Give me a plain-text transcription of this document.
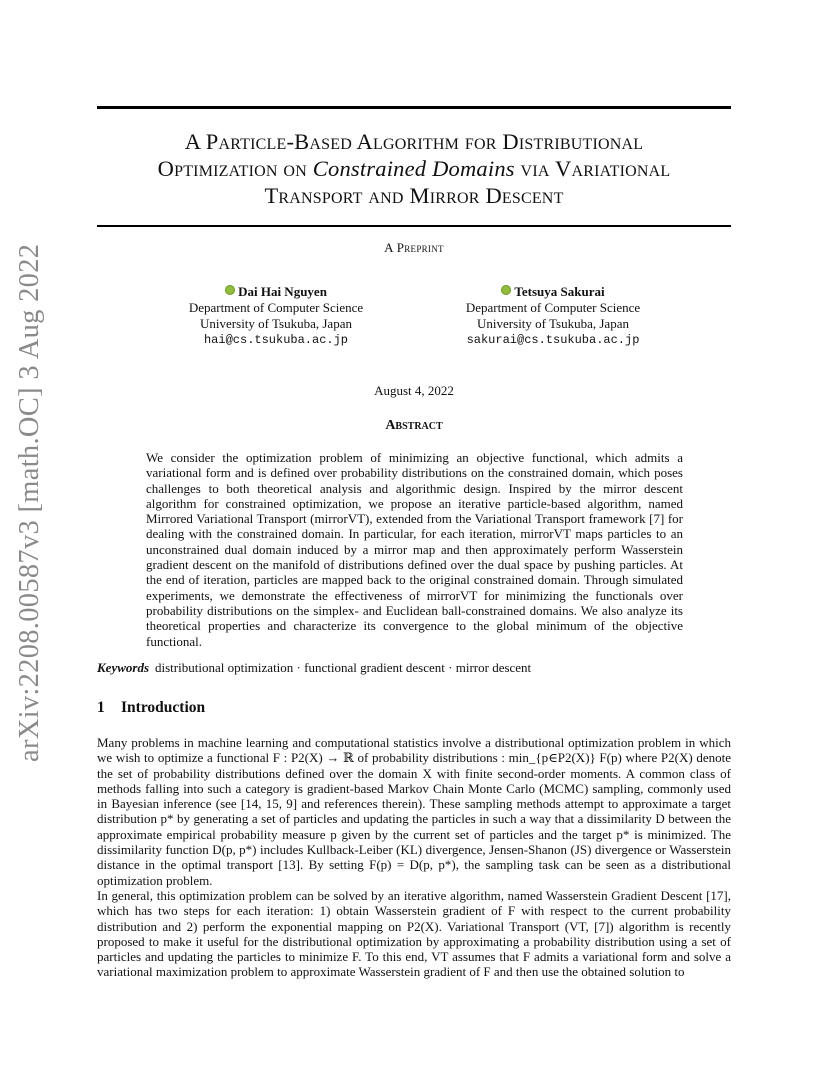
A Particle-Based Algorithm for Distributional
Optimization on Constrained Domains via Variational
Transport and Mirror Descent
A Preprint
Dai Hai Nguyen
Department of Computer Science
University of Tsukuba, Japan
hai@cs.tsukuba.ac.jp
Tetsuya Sakurai
Department of Computer Science
University of Tsukuba, Japan
sakurai@cs.tsukuba.ac.jp
August 4, 2022
Abstract
We consider the optimization problem of minimizing an objective functional, which admits a variational form and is defined over probability distributions on the constrained domain, which poses challenges to both theoretical analysis and algorithmic design. Inspired by the mirror descent algorithm for constrained optimization, we propose an iterative particle-based algorithm, named Mirrored Variational Transport (mirrorVT), extended from the Variational Transport framework [7] for dealing with the constrained domain. In particular, for each iteration, mirrorVT maps particles to an unconstrained dual domain induced by a mirror map and then approximately perform Wasserstein gradient descent on the manifold of distributions defined over the dual space by pushing particles. At the end of iteration, particles are mapped back to the original constrained domain. Through simulated experiments, we demonstrate the effectiveness of mirrorVT for minimizing the functionals over probability distributions on the simplex- and Euclidean ball-constrained domains. We also analyze its theoretical properties and characterize its convergence to the global minimum of the objective functional.
Keywords distributional optimization · functional gradient descent · mirror descent
1 Introduction
Many problems in machine learning and computational statistics involve a distributional optimization problem in which we wish to optimize a functional F : P2(X) → ℝ of probability distributions : min_{p∈P2(X)} F(p) where P2(X) denote the set of probability distributions defined over the domain X with finite second-order moments. A common class of methods falling into such a category is gradient-based Markov Chain Monte Carlo (MCMC) sampling, commonly used in Bayesian inference (see [14, 15, 9] and references therein). These sampling methods attempt to approximate a target distribution p* by generating a set of particles and updating the particles in such a way that a dissimilarity D between the approximate empirical probability measure p given by the current set of particles and the target p* is minimized. The dissimilarity function D(p, p*) includes Kullback-Leiber (KL) divergence, Jensen-Shanon (JS) divergence or Wasserstein distance in the optimal transport [13]. By setting F(p) = D(p, p*), the sampling task can be seen as a distributional optimization problem.
In general, this optimization problem can be solved by an iterative algorithm, named Wasserstein Gradient Descent [17], which has two steps for each iteration: 1) obtain Wasserstein gradient of F with respect to the current probability distribution and 2) perform the exponential mapping on P2(X). Variational Transport (VT, [7]) algorithm is recently proposed to make it useful for the distributional optimization by approximating a probability distribution using a set of particles and updating the particles to minimize F. To this end, VT assumes that F admits a variational form and solve a variational maximization problem to approximate Wasserstein gradient of F and then use the obtained solution to
arXiv:2208.00587v3 [math.OC] 3 Aug 2022
